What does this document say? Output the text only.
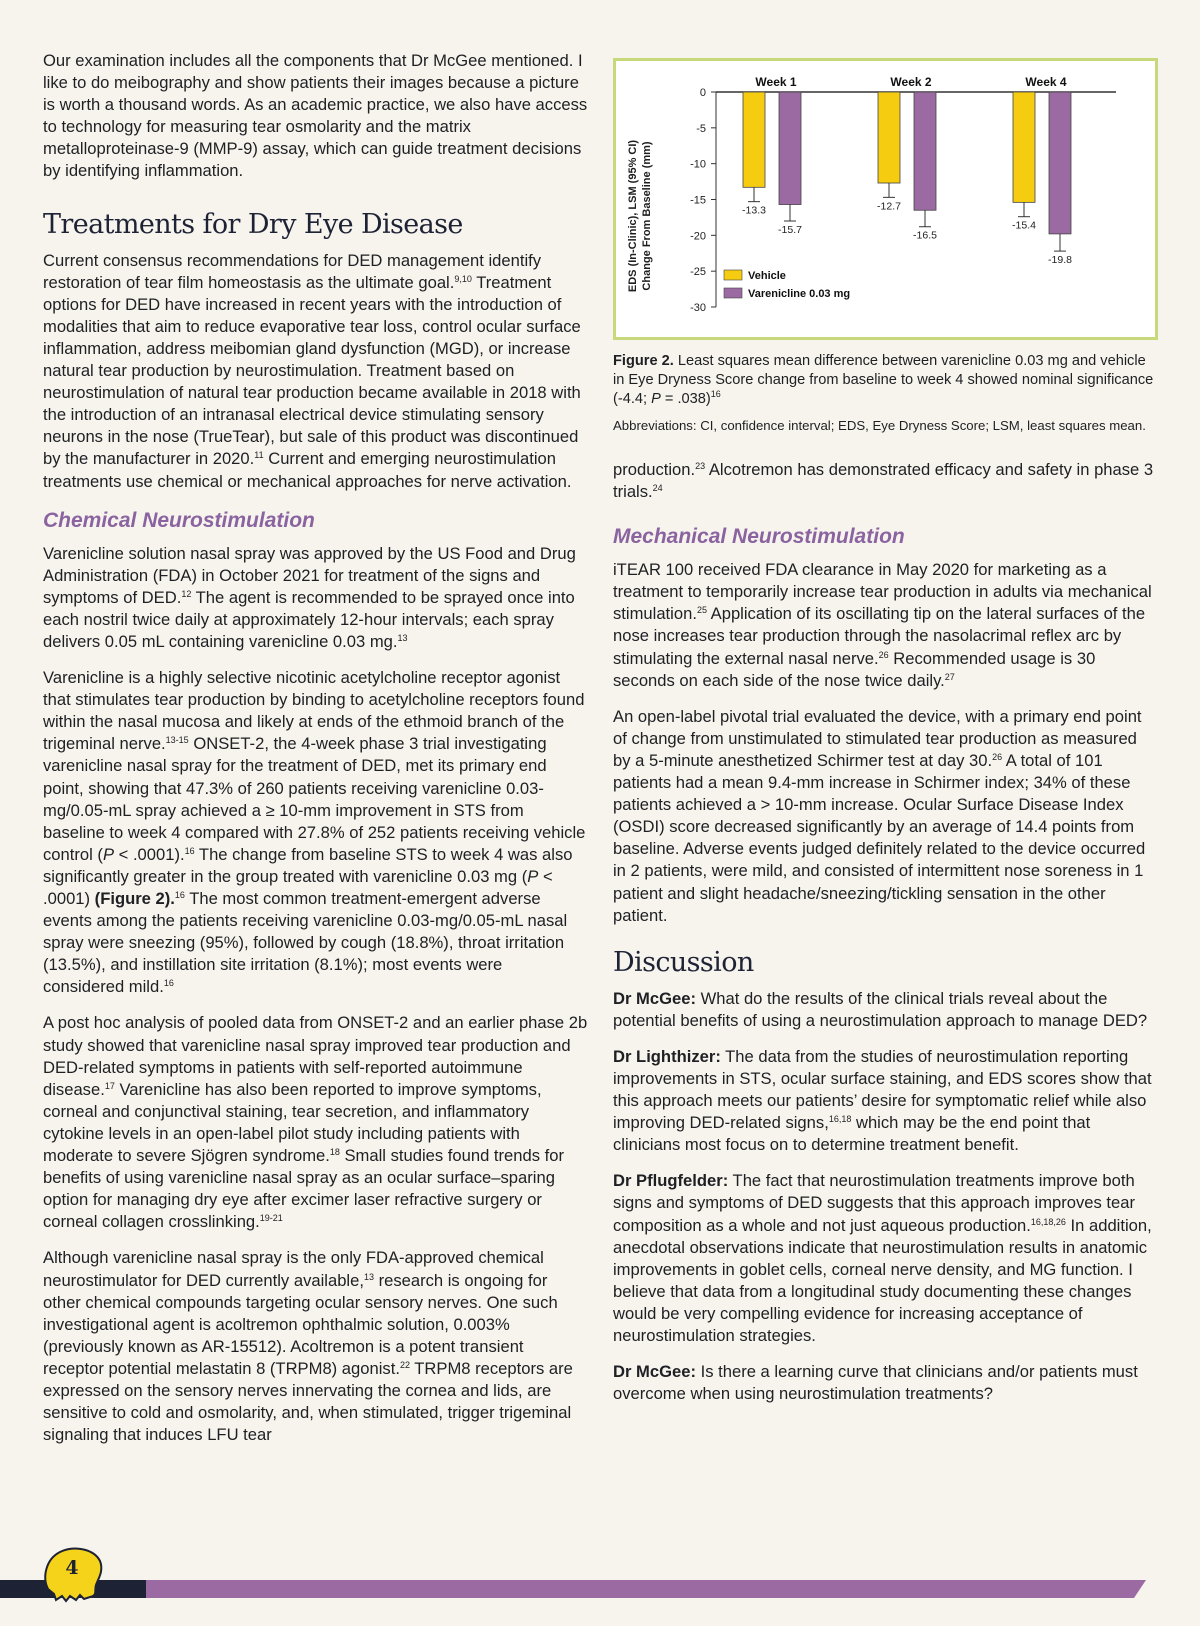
Our examination includes all the components that Dr McGee mentioned. I like to do meibography and show patients their images because a picture is worth a thousand words. As an academic practice, we also have access to technology for measuring tear osmolarity and the matrix metalloproteinase-9 (MMP-9) assay, which can guide treatment decisions by identifying inflammation.

Treatments for Dry Eye Disease

Current consensus recommendations for DED management identify restoration of tear film homeostasis as the ultimate goal.$^{9,10}$ Treatment options for DED have increased in recent years with the introduction of modalities that aim to reduce evaporative tear loss, control ocular surface inflammation, address meibomian gland dysfunction (MGD), or increase natural tear production by neurostimulation. Treatment based on neurostimulation of natural tear production became available in 2018 with the introduction of an intranasal electrical device stimulating sensory neurons in the nose (TrueTear), but sale of this product was discontinued by the manufacturer in 2020.11 Current and emerging neurostimulation treatments use chemical or mechanical approaches for nerve activation.

Chemical Neurostimulation

Varenicline solution nasal spray was approved by the US Food and Drug Administration (FDA) in October 2021 for treatment of the signs and symptoms of DED.$^{12}$ The agent is recommended to be sprayed once into each nostril twice daily at approximately 12-hour intervals; each spray delivers 0.05 mL containing varenicline 0.03 mg.$^{13}$

Varenicline is a highly selective nicotinic acetylcholine receptor agonist that stimulates tear production by binding to acetylcholine receptors found within the nasal mucosa and likely at ends of the ethmoid branch of the trigeminal nerve.$^{13-15}$ ONSET-2, the 4-week phase 3 trial investigating varenicline nasal spray for the treatment of DED, met its primary end point, showing that 47.3% of 260 patients receiving varenicline 0.03-mg/0.05-mL spray achieved a ≥ 10-mm improvement in STS from baseline to week 4 compared with 27.8% of 252 patients receiving vehicle control (P < .0001).$^{16}$ The change from baseline STS to week 4 was also significantly greater in the group treated with varenicline 0.03 mg (P < .0001) (Figure 2).$^{16}$ The most common treatment-emergent adverse events among the patients receiving varenicline 0.03-mg/0.05-mL nasal spray were sneezing (95%), followed by cough (18.8%), throat irritation (13.5%), and instillation site irritation (8.1%); most events were considered mild.$^{16}$

A post hoc analysis of pooled data from ONSET-2 and an earlier phase 2b study showed that varenicline nasal spray improved tear production and DED-related symptoms in patients with self-reported autoimmune disease.$^{17}$ Varenicline has also been reported to improve symptoms, corneal and conjunctival staining, tear secretion, and inflammatory cytokine levels in an open-label pilot study including patients with moderate to severe Sjögren syndrome.$^{18}$ Small studies found trends for benefits of using varenicline nasal spray as an ocular surface–sparing option for managing dry eye after excimer laser refractive surgery or corneal collagen crosslinking.$^{19-21}$

Although varenicline nasal spray is the only FDA-approved chemical neurostimulator for DED currently available,$^{13}$ research is ongoing for other chemical compounds targeting ocular sensory nerves. One such investigational agent is acoltremon ophthalmic solution, 0.003% (previously known as AR-15512). Acoltremon is a potent transient receptor potential melastatin 8 (TRPM8) agonist.$^{22}$ TRPM8 receptors are expressed on the sensory nerves innervating the cornea and lids, are sensitive to cold and osmolarity, and, when stimulated, trigger trigeminal signaling that induces LFU tear

EDS (In-Clinic), LSM (95% CI) Change From Baseline (mm)
0
-5
-10
-15
-20
-25
-30
Week 1
-13.3
-15.7
Week 2
-12.7
-16.5
Week 4
-15.4
-19.8
Vehicle
Varenicline 0.03 mg

Figure 2. Least squares mean difference between varenicline 0.03 mg and vehicle in Eye Dryness Score change from baseline to week 4 showed nominal significance (-4.4; P = .038)$^{16}$

Abbreviations: CI, confidence interval; EDS, Eye Dryness Score; LSM, least squares mean.

production.$^{23}$ Alcotremon has demonstrated efficacy and safety in phase 3 trials.$^{24}$

Mechanical Neurostimulation

iTEAR 100 received FDA clearance in May 2020 for marketing as a treatment to temporarily increase tear production in adults via mechanical stimulation.$^{25}$ Application of its oscillating tip on the lateral surfaces of the nose increases tear production through the nasolacrimal reflex arc by stimulating the external nasal nerve.$^{26}$ Recommended usage is 30 seconds on each side of the nose twice daily.$^{27}$

An open-label pivotal trial evaluated the device, with a primary end point of change from unstimulated to stimulated tear production as measured by a 5-minute anesthetized Schirmer test at day 30.26 A total of 101 patients had a mean 9.4-mm increase in Schirmer index; 34% of these patients achieved a > 10-mm increase. Ocular Surface Disease Index (OSDI) score decreased significantly by an average of 14.4 points from baseline. Adverse events judged definitely related to the device occurred in 2 patients, were mild, and consisted of intermittent nose soreness in 1 patient and slight headache/sneezing/tickling sensation in the other patient.

Discussion

Dr McGee: What do the results of the clinical trials reveal about the potential benefits of using a neurostimulation approach to manage DED?

Dr Lighthizer: The data from the studies of neurostimulation reporting improvements in STS, ocular surface staining, and EDS scores show that this approach meets our patients’ desire for symptomatic relief while also improving DED-related signs,$^{16,18}$ which may be the end point that clinicians most focus on to determine treatment benefit.

Dr Pflugfelder: The fact that neurostimulation treatments improve both signs and symptoms of DED suggests that this approach improves tear composition as a whole and not just aqueous production.$^{16,18,26}$ In addition, anecdotal observations indicate that neurostimulation results in anatomic improvements in goblet cells, corneal nerve density, and MG function. I believe that data from a longitudinal study documenting these changes would be very compelling evidence for increasing acceptance of neurostimulation strategies.

Dr McGee: Is there a learning curve that clinicians and/or patients must overcome when using neurostimulation treatments?

4
